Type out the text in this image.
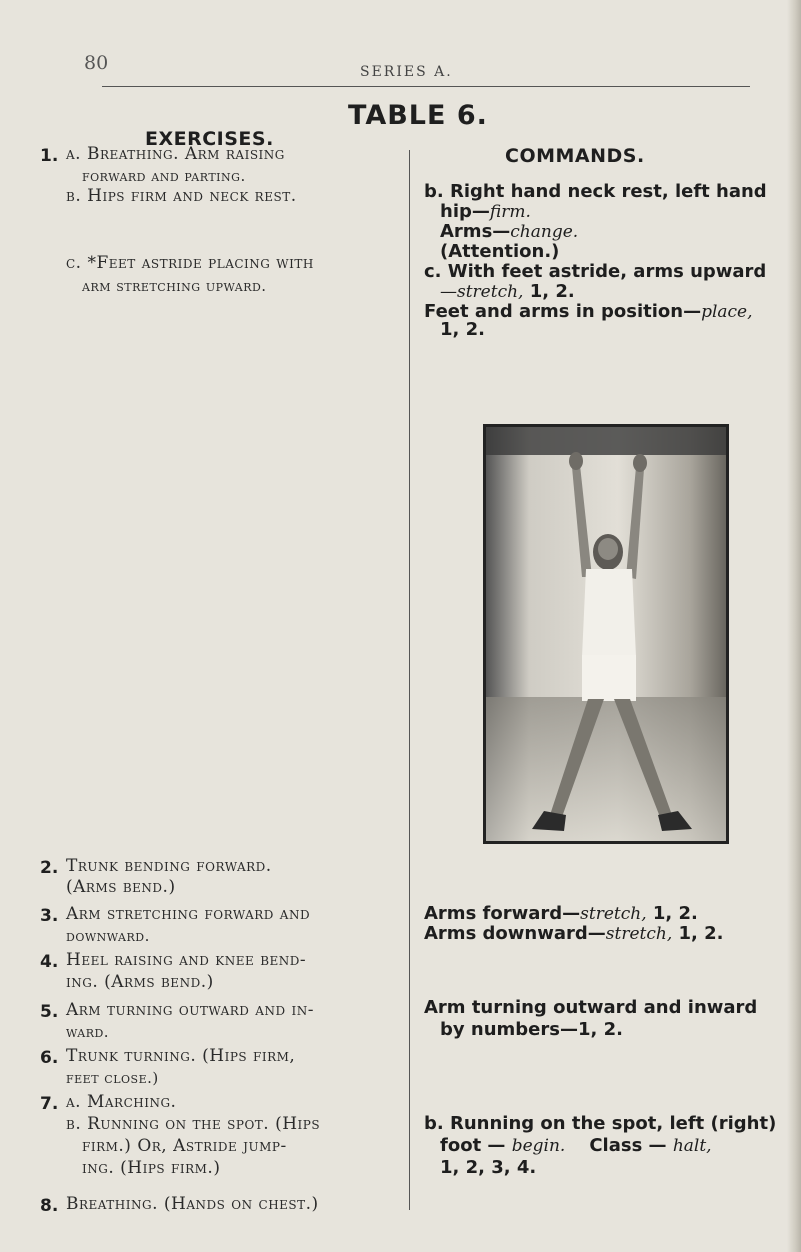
80	SERIES A.
TABLE 6.
EXERCISES.
COMMANDS.
1. a. Breathing. Arm raising
forward and parting.
b. Hips firm and neck rest.
c. *Feet astride placing with
arm stretching upward.
2. Trunk bending forward.
(Arms bend.)
3. Arm stretching forward and
downward.
4. Heel raising and knee bend-
ing. (Arms bend.)
5. Arm turning outward and in-
ward.
6. Trunk turning. (Hips firm,
feet close.)
7. a. Marching.
b. Running on the spot. (Hips
firm.) Or, Astride jump-
ing. (Hips firm.)
8. Breathing. (Hands on chest.)
b. Right hand neck rest, left hand
hip—firm.
Arms—change.
(Attention.)
c. With feet astride, arms upward
—stretch, 1, 2.
Feet and arms in position—place,
1, 2.
Arms forward—stretch, 1, 2.
Arms downward—stretch, 1, 2.
Arm turning outward and inward
by numbers—1, 2.
b. Running on the spot, left (right)
foot — begin. Class — halt,
1, 2, 3, 4.
